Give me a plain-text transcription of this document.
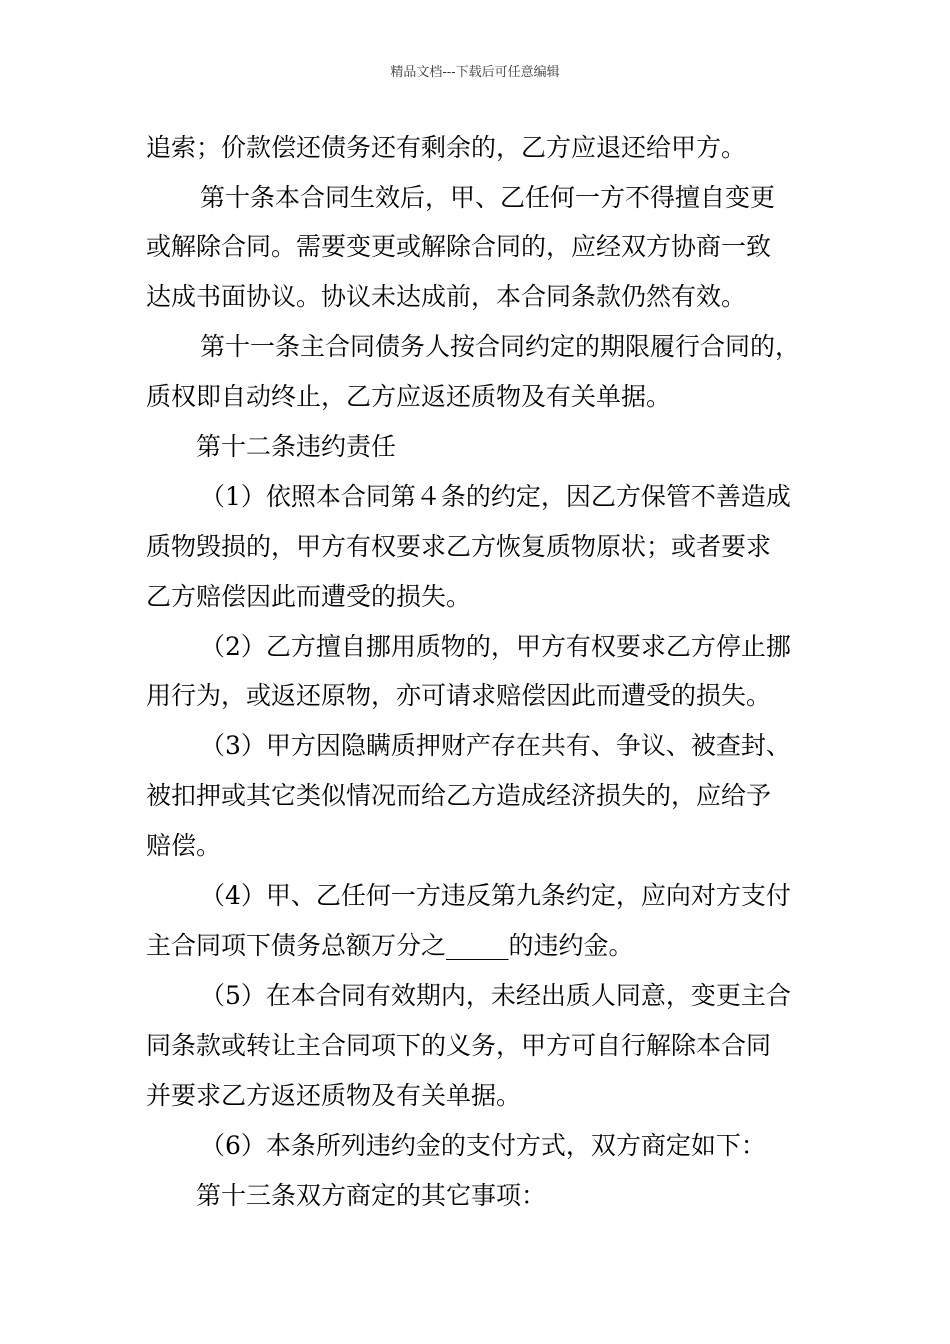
精品文档---下载后可任意编辑
追索；价款偿还债务还有剩余的，乙方应退还给甲方。
第十条本合同生效后，甲、乙任何一方不得擅自变更
或解除合同。需要变更或解除合同的，应经双方协商一致
达成书面协议。协议未达成前，本合同条款仍然有效。
第十一条主合同债务人按合同约定的期限履行合同的，
质权即自动终止，乙方应返还质物及有关单据。
第十二条违约责任
（1）依照本合同第４条的约定，因乙方保管不善造成
质物毁损的，甲方有权要求乙方恢复质物原状；或者要求
乙方赔偿因此而遭受的损失。
（2）乙方擅自挪用质物的，甲方有权要求乙方停止挪
用行为，或返还原物，亦可请求赔偿因此而遭受的损失。
（3）甲方因隐瞒质押财产存在共有、争议、被查封、
被扣押或其它类似情况而给乙方造成经济损失的，应给予
赔偿。
（4）甲、乙任何一方违反第九条约定，应向对方支付
主合同项下债务总额万分之_____的违约金。
（5）在本合同有效期内，未经出质人同意，变更主合
同条款或转让主合同项下的义务，甲方可自行解除本合同
并要求乙方返还质物及有关单据。
（6）本条所列违约金的支付方式，双方商定如下：
第十三条双方商定的其它事项：
